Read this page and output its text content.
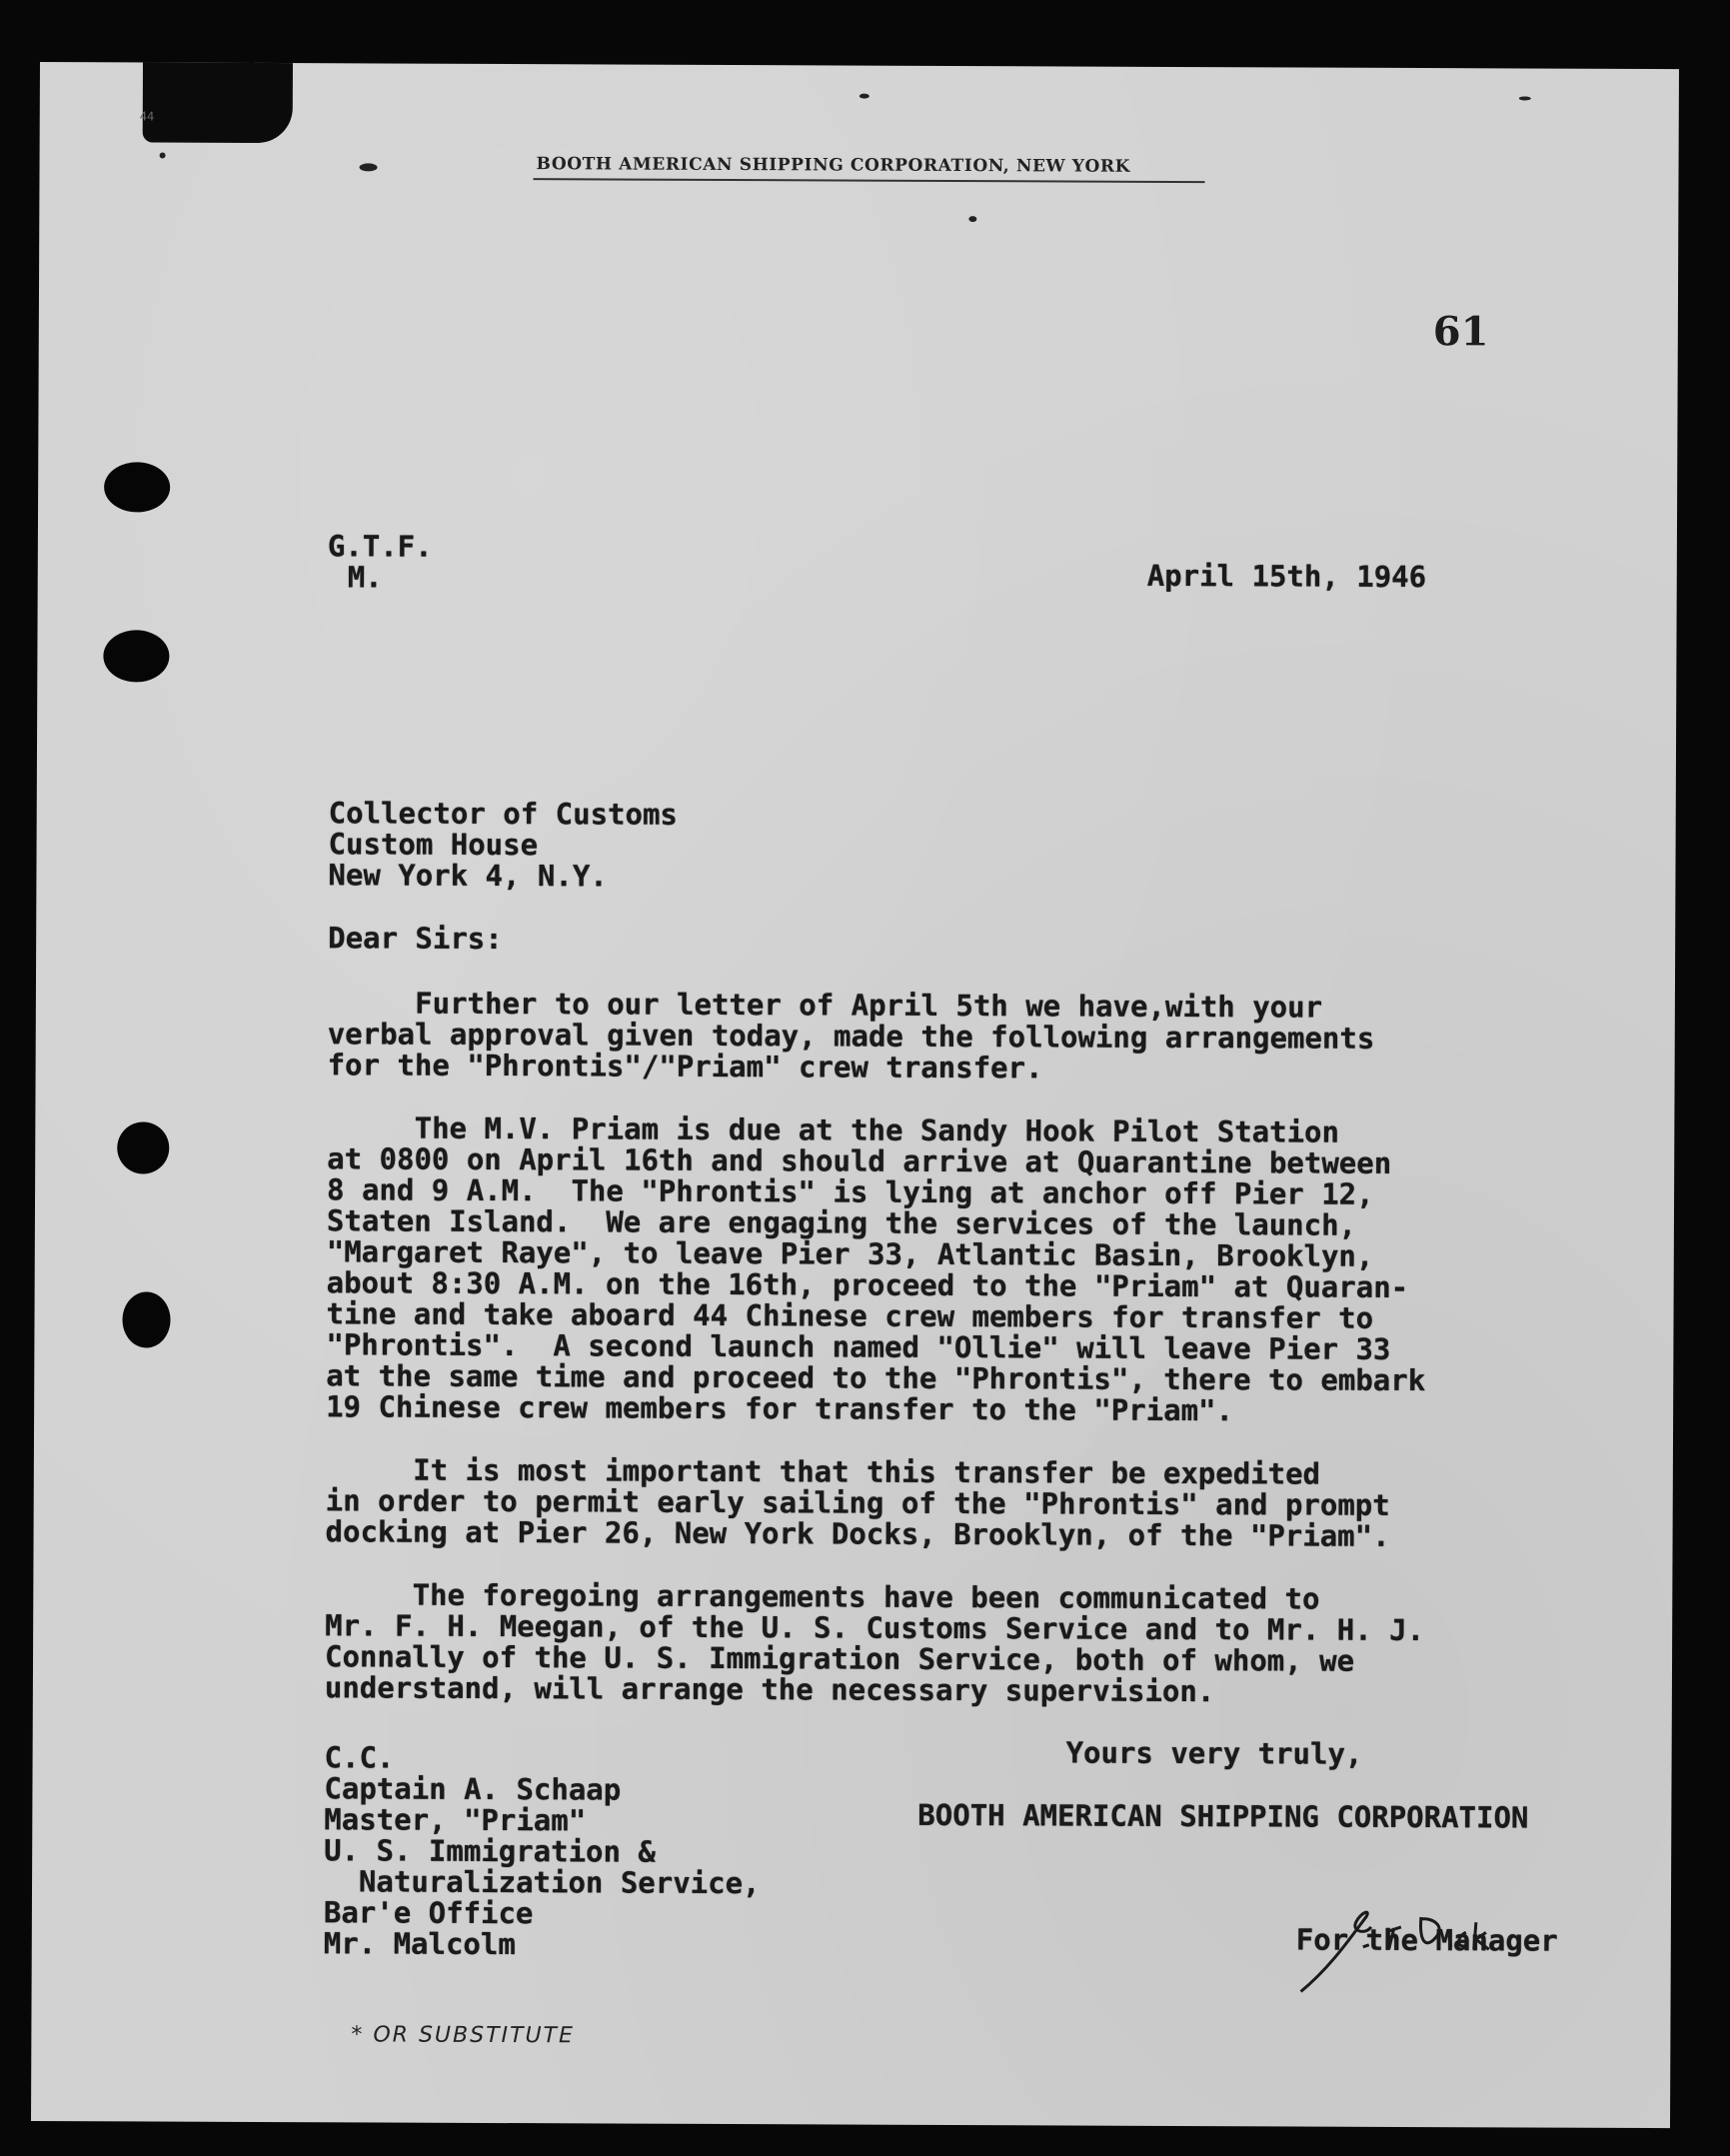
44
BOOTH AMERICAN SHIPPING CORPORATION, NEW YORK
61
G.T.F.
M.	April 15th, 1946
Collector of Customs
Custom House
New York 4, N.Y.
Dear Sirs:
Further to our letter of April 5th we have,with your
verbal approval given today, made the following arrangements
for the "Phrontis"/"Priam" crew transfer.
The M.V. Priam is due at the Sandy Hook Pilot Station
at 0800 on April 16th and should arrive at Quarantine between
8 and 9 A.M.  The "Phrontis" is lying at anchor off Pier 12,
Staten Island.  We are engaging the services of the launch,
"Margaret Raye", to leave Pier 33, Atlantic Basin, Brooklyn,
about 8:30 A.M. on the 16th, proceed to the "Priam" at Quaran-
tine and take aboard 44 Chinese crew members for transfer to
"Phrontis".  A second launch named "Ollie" will leave Pier 33
at the same time and proceed to the "Phrontis", there to embark
19 Chinese crew members for transfer to the "Priam".
It is most important that this transfer be expedited
in order to permit early sailing of the "Phrontis" and prompt
docking at Pier 26, New York Docks, Brooklyn, of the "Priam".
The foregoing arrangements have been communicated to
Mr. F. H. Meegan, of the U. S. Customs Service and to Mr. H. J.
Connally of the U. S. Immigration Service, both of whom, we
understand, will arrange the necessary supervision.
Yours very truly,
BOOTH AMERICAN SHIPPING CORPORATION
C.C.
Captain A. Schaap
Master, "Priam"
U. S. Immigration &
Naturalization Service,
Bar'e Office
Mr. Malcolm	For the Manager
* OR SUBSTITUTE
